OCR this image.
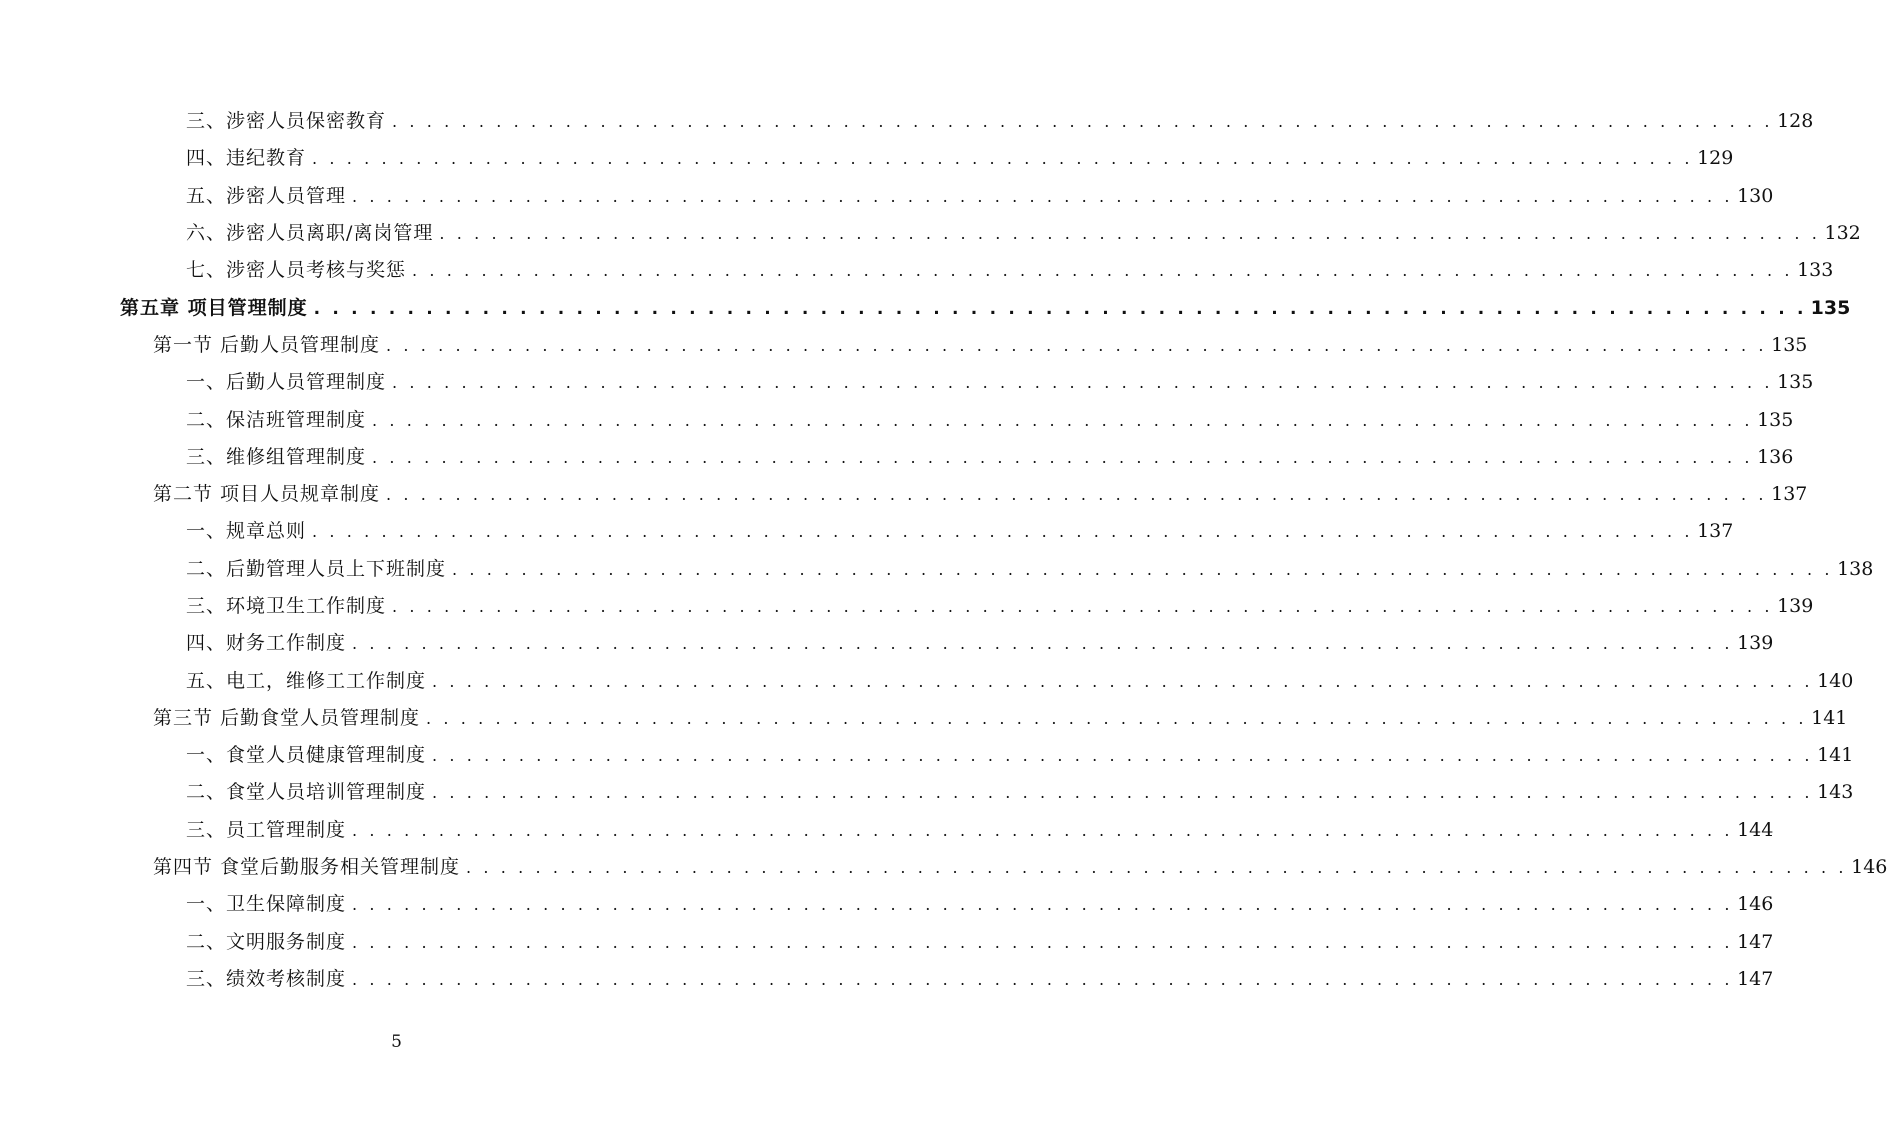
三、涉密人员保密教育 . . . . . . . . . . . . . . . . . . . . . . . . . . . . . . . . . . . . . . . . . . . . . . . . . . . . . . . . . . . . . . . . . . . . . . . . . . . . . . . . 128
四、违纪教育 . . . . . . . . . . . . . . . . . . . . . . . . . . . . . . . . . . . . . . . . . . . . . . . . . . . . . . . . . . . . . . . . . . . . . . . . . . . . . . . . 129
五、涉密人员管理 . . . . . . . . . . . . . . . . . . . . . . . . . . . . . . . . . . . . . . . . . . . . . . . . . . . . . . . . . . . . . . . . . . . . . . . . . . . . . . . . 130
六、涉密人员离职/离岗管理 . . . . . . . . . . . . . . . . . . . . . . . . . . . . . . . . . . . . . . . . . . . . . . . . . . . . . . . . . . . . . . . . . . . . . . . . . . . . . . . . 132
七、涉密人员考核与奖惩 . . . . . . . . . . . . . . . . . . . . . . . . . . . . . . . . . . . . . . . . . . . . . . . . . . . . . . . . . . . . . . . . . . . . . . . . . . . . . . . . 133
第五章 项目管理制度 . . . . . . . . . . . . . . . . . . . . . . . . . . . . . . . . . . . . . . . . . . . . . . . . . . . . . . . . . . . . . . . . . . . . . . . . . . . . . . . . 135
第一节 后勤人员管理制度 . . . . . . . . . . . . . . . . . . . . . . . . . . . . . . . . . . . . . . . . . . . . . . . . . . . . . . . . . . . . . . . . . . . . . . . . . . . . . . . . 135
一、后勤人员管理制度 . . . . . . . . . . . . . . . . . . . . . . . . . . . . . . . . . . . . . . . . . . . . . . . . . . . . . . . . . . . . . . . . . . . . . . . . . . . . . . . . 135
二、保洁班管理制度 . . . . . . . . . . . . . . . . . . . . . . . . . . . . . . . . . . . . . . . . . . . . . . . . . . . . . . . . . . . . . . . . . . . . . . . . . . . . . . . . 135
三、维修组管理制度 . . . . . . . . . . . . . . . . . . . . . . . . . . . . . . . . . . . . . . . . . . . . . . . . . . . . . . . . . . . . . . . . . . . . . . . . . . . . . . . . 136
第二节 项目人员规章制度 . . . . . . . . . . . . . . . . . . . . . . . . . . . . . . . . . . . . . . . . . . . . . . . . . . . . . . . . . . . . . . . . . . . . . . . . . . . . . . . . 137
一、规章总则 . . . . . . . . . . . . . . . . . . . . . . . . . . . . . . . . . . . . . . . . . . . . . . . . . . . . . . . . . . . . . . . . . . . . . . . . . . . . . . . . 137
二、后勤管理人员上下班制度 . . . . . . . . . . . . . . . . . . . . . . . . . . . . . . . . . . . . . . . . . . . . . . . . . . . . . . . . . . . . . . . . . . . . . . . . . . . . . . . . 138
三、环境卫生工作制度 . . . . . . . . . . . . . . . . . . . . . . . . . . . . . . . . . . . . . . . . . . . . . . . . . . . . . . . . . . . . . . . . . . . . . . . . . . . . . . . . 139
四、财务工作制度 . . . . . . . . . . . . . . . . . . . . . . . . . . . . . . . . . . . . . . . . . . . . . . . . . . . . . . . . . . . . . . . . . . . . . . . . . . . . . . . . 139
五、电工，维修工工作制度 . . . . . . . . . . . . . . . . . . . . . . . . . . . . . . . . . . . . . . . . . . . . . . . . . . . . . . . . . . . . . . . . . . . . . . . . . . . . . . . . 140
第三节 后勤食堂人员管理制度 . . . . . . . . . . . . . . . . . . . . . . . . . . . . . . . . . . . . . . . . . . . . . . . . . . . . . . . . . . . . . . . . . . . . . . . . . . . . . . . . 141
一、食堂人员健康管理制度 . . . . . . . . . . . . . . . . . . . . . . . . . . . . . . . . . . . . . . . . . . . . . . . . . . . . . . . . . . . . . . . . . . . . . . . . . . . . . . . . 141
二、食堂人员培训管理制度 . . . . . . . . . . . . . . . . . . . . . . . . . . . . . . . . . . . . . . . . . . . . . . . . . . . . . . . . . . . . . . . . . . . . . . . . . . . . . . . . 143
三、员工管理制度 . . . . . . . . . . . . . . . . . . . . . . . . . . . . . . . . . . . . . . . . . . . . . . . . . . . . . . . . . . . . . . . . . . . . . . . . . . . . . . . . 144
第四节 食堂后勤服务相关管理制度 . . . . . . . . . . . . . . . . . . . . . . . . . . . . . . . . . . . . . . . . . . . . . . . . . . . . . . . . . . . . . . . . . . . . . . . . . . . . . . . . 146
一、卫生保障制度 . . . . . . . . . . . . . . . . . . . . . . . . . . . . . . . . . . . . . . . . . . . . . . . . . . . . . . . . . . . . . . . . . . . . . . . . . . . . . . . . 146
二、文明服务制度 . . . . . . . . . . . . . . . . . . . . . . . . . . . . . . . . . . . . . . . . . . . . . . . . . . . . . . . . . . . . . . . . . . . . . . . . . . . . . . . . 147
三、绩效考核制度 . . . . . . . . . . . . . . . . . . . . . . . . . . . . . . . . . . . . . . . . . . . . . . . . . . . . . . . . . . . . . . . . . . . . . . . . . . . . . . . . 147
5
